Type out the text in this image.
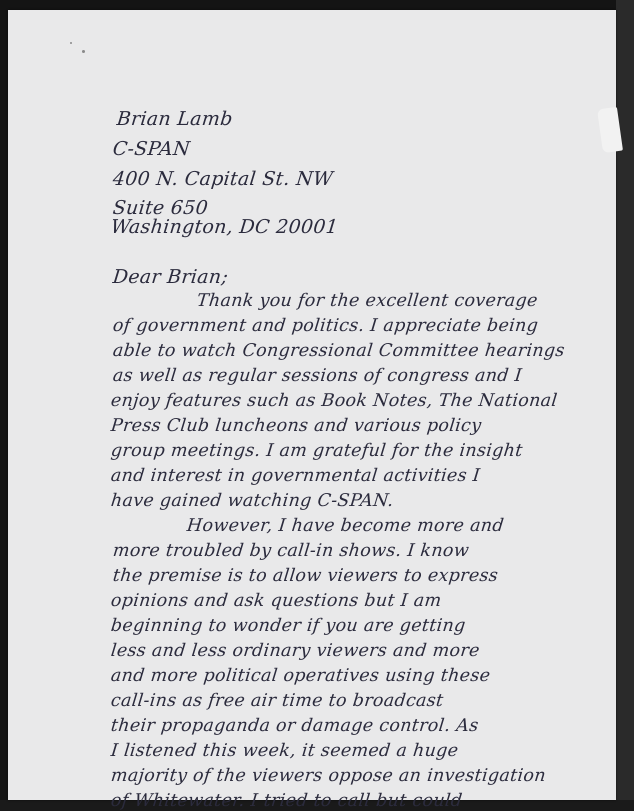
Brian Lamb
C-SPAN
400 N. Capital St. NW
Suite 650
Washington, DC 20001
Dear Brian;
Thank you for the excellent coverage
of government and politics. I appreciate being
able to watch Congressional Committee hearings
as well as regular sessions of congress and I
enjoy features such as Book Notes, The National
Press Club luncheons and various policy
group meetings. I am grateful for the insight
and interest in governmental activities I
have gained watching C-SPAN.
However, I have become more and
more troubled by call-in shows. I know
the premise is to allow viewers to express
opinions and ask questions but I am
beginning to wonder if you are getting
less and less ordinary viewers and more
and more political operatives using these
call-ins as free air time to broadcast
their propaganda or damage control. As
I listened this week, it seemed a huge
majority of the viewers oppose an investigation
of Whitewater. I tried to call but could
